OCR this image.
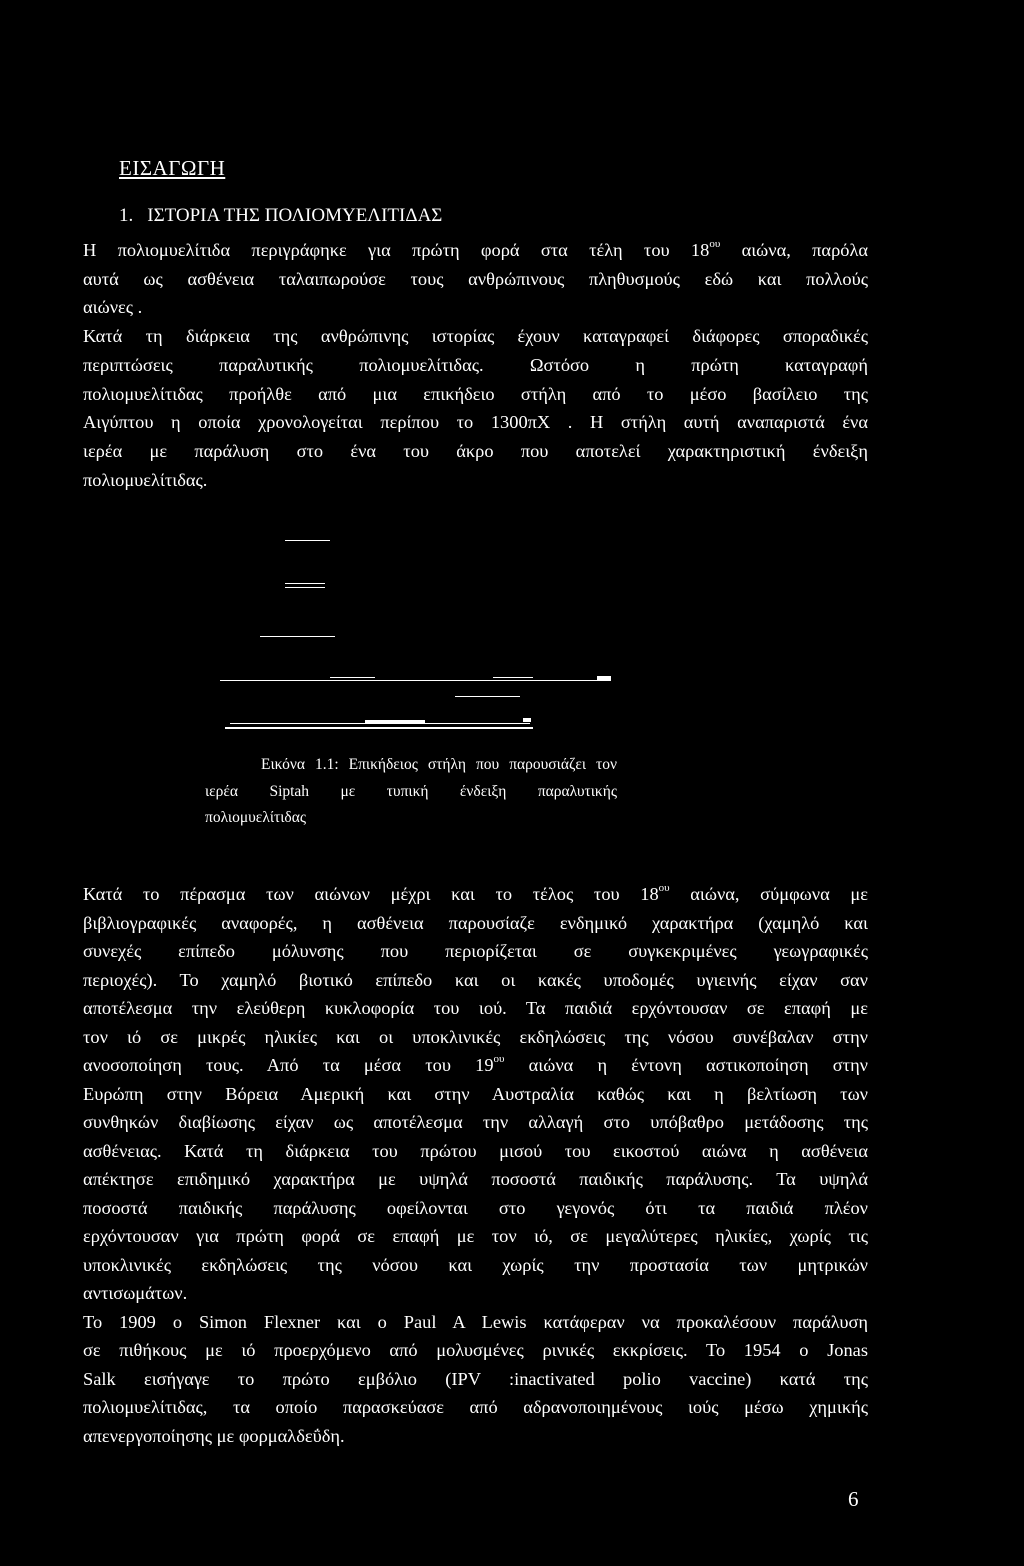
ΕΙΣΑΓΩΓΗ
1. ΙΣΤΟΡΙΑ ΤΗΣ ΠΟΛΙΟΜΥΕΛΙΤΙΔΑΣ
Η πολιομυελίτιδα περιγράφηκε για πρώτη φορά στα τέλη του $18^{o\upsilon}$ αιώνα, παρόλα
αυτά ως ασθένεια ταλαιπωρούσε τους ανθρώπινους πληθυσμούς εδώ και πολλούς
αιώνες .
Κατά τη διάρκεια της ανθρώπινης ιστορίας έχουν καταγραφεί διάφορες σποραδικές
περιπτώσεις παραλυτικής πολιομυελίτιδας. Ωστόσο η πρώτη καταγραφή
πολιομυελίτιδας προήλθε από μια επικήδειο στήλη από το μέσο βασίλειο της
Αιγύπτου η οποία χρονολογείται περίπου το 1300πΧ . Η στήλη αυτή αναπαριστά ένα
ιερέα με παράλυση στο ένα του άκρο που αποτελεί χαρακτηριστική ένδειξη
πολιομυελίτιδας.
Εικόνα 1.1: Επικήδειος στήλη που παρουσιάζει τον
ιερέα Siptah με τυπική ένδειξη παραλυτικής
πολιομυελίτιδας
Κατά το πέρασμα των αιώνων μέχρι και το τέλος του $18^{o\upsilon}$ αιώνα, σύμφωνα με
βιβλιογραφικές αναφορές, η ασθένεια παρουσίαζε ενδημικό χαρακτήρα (χαμηλό και
συνεχές επίπεδο μόλυνσης που περιορίζεται σε συγκεκριμένες γεωγραφικές
περιοχές). Το χαμηλό βιοτικό επίπεδο και οι κακές υποδομές υγιεινής είχαν σαν
αποτέλεσμα την ελεύθερη κυκλοφορία του ιού. Τα παιδιά ερχόντουσαν σε επαφή με
τον ιό σε μικρές ηλικίες και οι υποκλινικές εκδηλώσεις της νόσου συνέβαλαν στην
ανοσοποίηση τους. Από τα μέσα του $19^{o\upsilon}$ αιώνα η έντονη αστικοποίηση στην
Ευρώπη στην Βόρεια Αμερική και στην Αυστραλία καθώς και η βελτίωση των
συνθηκών διαβίωσης είχαν ως αποτέλεσμα την αλλαγή στο υπόβαθρο μετάδοσης της
ασθένειας. Κατά τη διάρκεια του πρώτου μισού του εικοστού αιώνα η ασθένεια
απέκτησε επιδημικό χαρακτήρα με υψηλά ποσοστά παιδικής παράλυσης. Τα υψηλά
ποσοστά παιδικής παράλυσης οφείλονται στο γεγονός ότι τα παιδιά πλέον
ερχόντουσαν για πρώτη φορά σε επαφή με τον ιό, σε μεγαλύτερες ηλικίες, χωρίς τις
υποκλινικές εκδηλώσεις της νόσου και χωρίς την προστασία των μητρικών
αντισωμάτων.
Το 1909 ο Simon Flexner και ο Paul A Lewis κατάφεραν να προκαλέσουν παράλυση
σε πιθήκους με ιό προερχόμενο από μολυσμένες ρινικές εκκρίσεις. Το 1954 ο Jonas
Salk εισήγαγε το πρώτο εμβόλιο (IPV :inactivated polio vaccine) κατά της
πολιομυελίτιδας, τα οποίο παρασκεύασε από αδρανοποιημένους ιούς μέσω χημικής
απενεργοποίησης με φορμαλδεΰδη.
6
